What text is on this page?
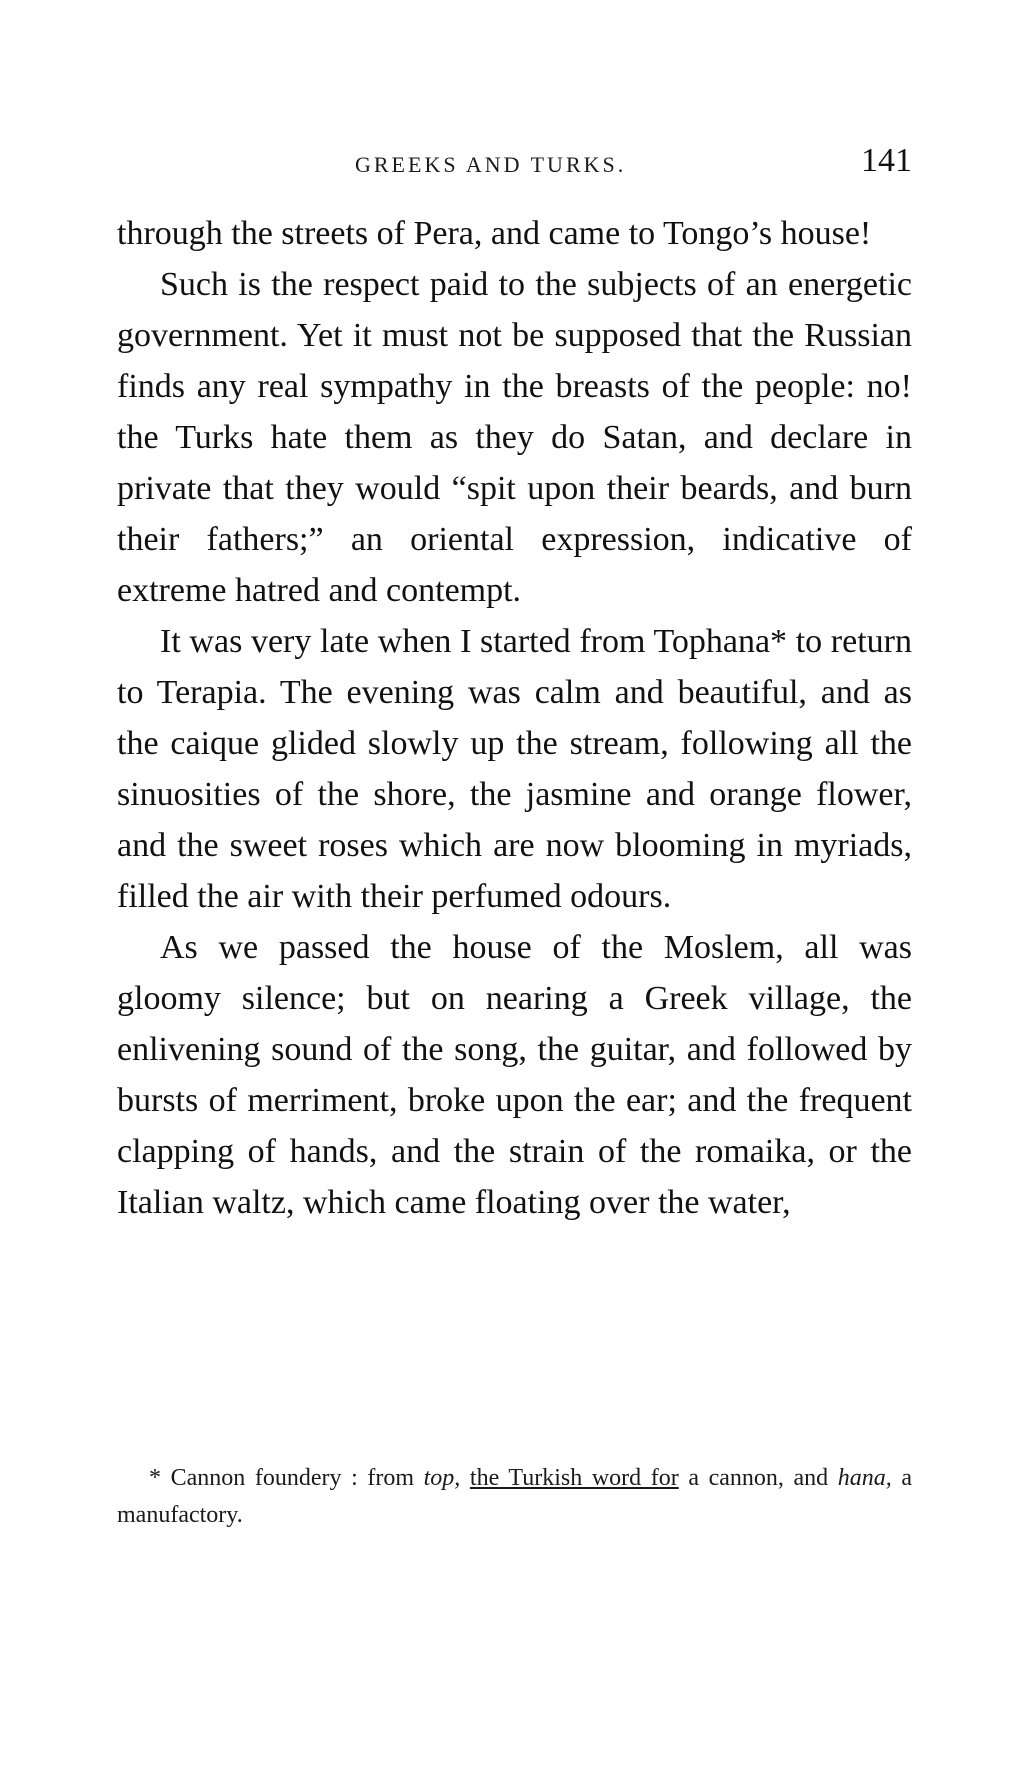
GREEKS AND TURKS.	141

through the streets of Pera, and came to Tongo’s house!

Such is the respect paid to the subjects of an energetic government. Yet it must not be supposed that the Russian finds any real sympathy in the breasts of the people: no! the Turks hate them as they do Satan, and declare in private that they would “spit upon their beards, and burn their fathers;” an oriental expression, indicative of extreme hatred and contempt.

It was very late when I started from Tophana* to return to Terapia. The evening was calm and beautiful, and as the caique glided slowly up the stream, following all the sinuosities of the shore, the jasmine and orange flower, and the sweet roses which are now blooming in myriads, filled the air with their perfumed odours.

As we passed the house of the Moslem, all was gloomy silence; but on nearing a Greek village, the enlivening sound of the song, the guitar, and followed by bursts of merriment, broke upon the ear; and the frequent clapping of hands, and the strain of the romaika, or the Italian waltz, which came floating over the water,

* Cannon foundery : from top, the Turkish word for a cannon, and hana, a manufactory.
